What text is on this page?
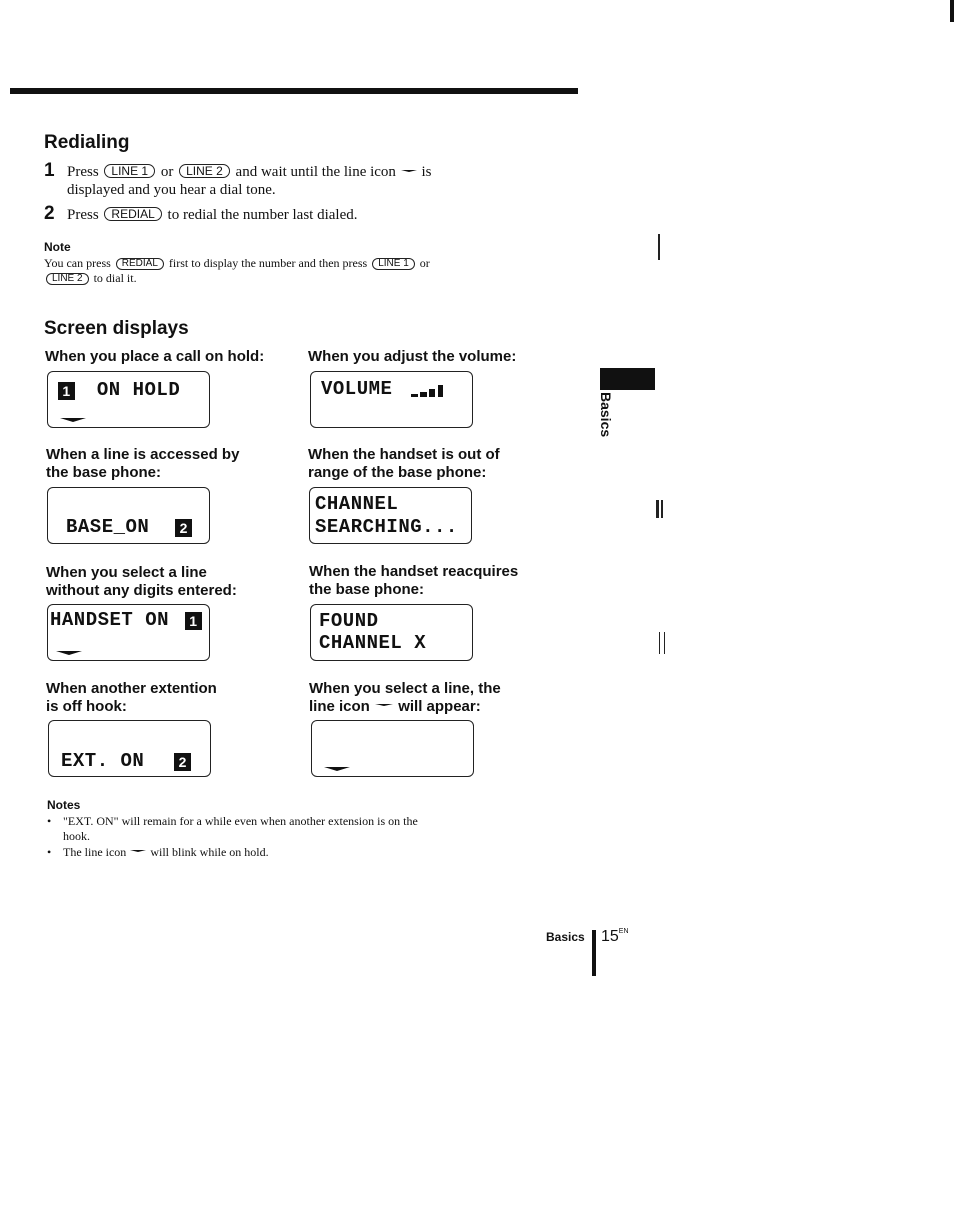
Redialing
1 Press LINE 1 or LINE 2 and wait until the line icon is
displayed and you hear a dial tone.
2 Press REDIAL to redial the number last dialed.
Note
You can press REDIAL first to display the number and then press LINE 1 or
LINE 2 to dial it.
Screen displays
When you place a call on hold:
1 ON HOLD
When you adjust the volume:
VOLUME
When a line is accessed by
the base phone:
BASE_ON 2
When the handset is out of
range of the base phone:
CHANNEL
SEARCHING...
When you select a line
without any digits entered:
HANDSET ON 1
When the handset reacquires
the base phone:
FOUND
CHANNEL X
When another extention
is off hook:
EXT. ON 2
When you select a line, the
line icon will appear:
Notes
• "EXT. ON" will remain for a while even when another extension is on the
hook.
• The line icon will blink while on hold.
Basics
Basics $15^{EN}$
